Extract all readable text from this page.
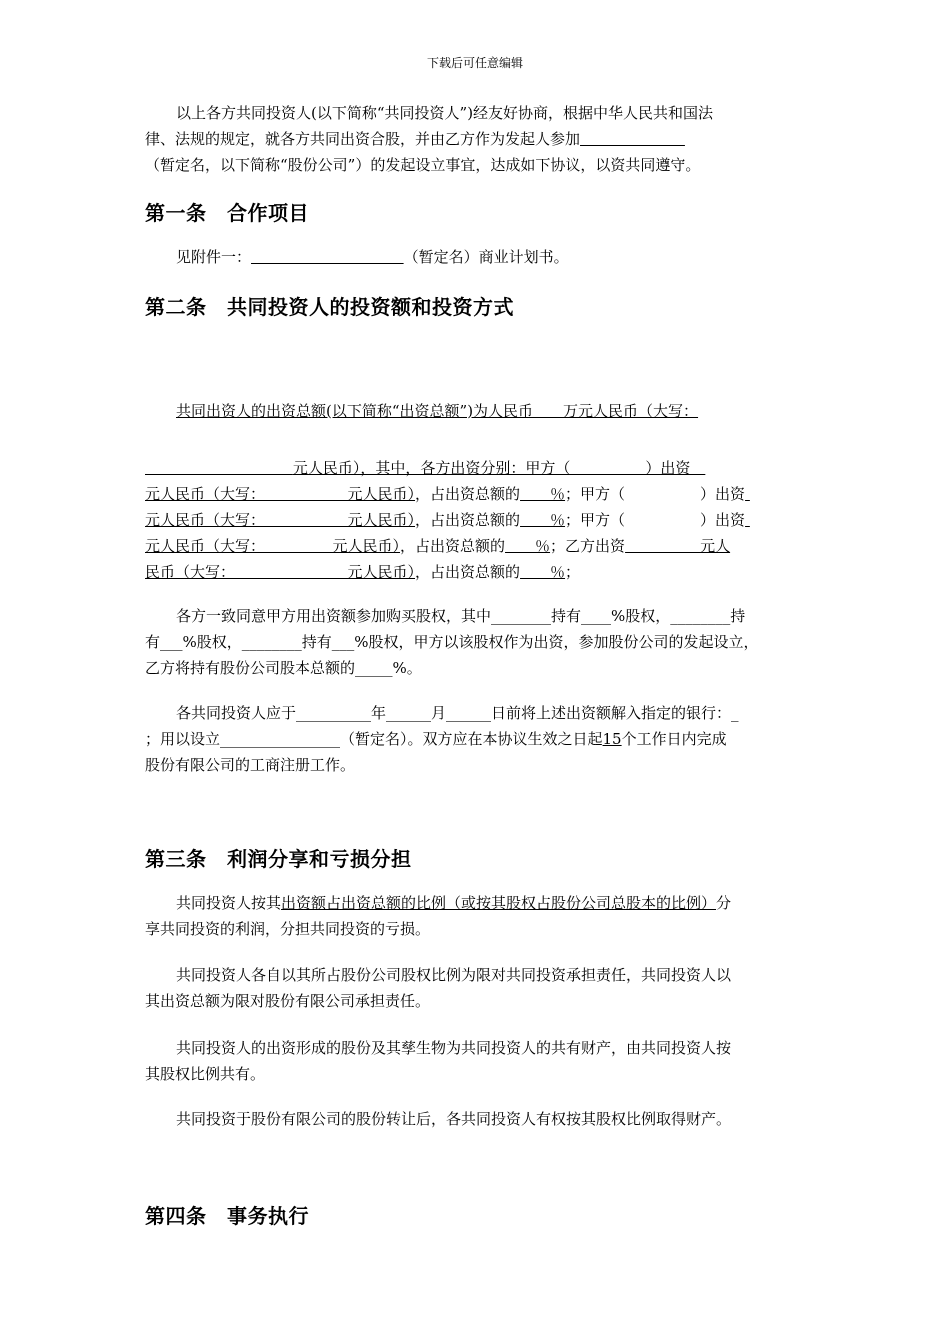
下载后可任意编辑
以上各方共同投资人(以下简称“共同投资人”)经友好协商，根据中华人民共和国法
律、法规的规定，就各方共同出资合股，并由乙方作为发起人参加
（暂定名，以下简称“股份公司”）的发起设立事宜，达成如下协议，以资共同遵守。
第一条　合作项目
见附件一：	（暂定名）商业计划书。
第二条　共同投资人的投资额和投资方式
共同出资人的出资总额(以下简称“出资总额”)为人民币　　万元人民币（大写：
元人民币），其中，各方出资分别：甲方（　　　　　）出资　
元人民币（大写：　　　　　　元人民币），占出资总额的　　％；甲方（　　　　　）出资
元人民币（大写：　　　　　　元人民币），占出资总额的　　％；甲方（　　　　　）出资
元人民币（大写：　　　　　元人民币），占出资总额的　　％；乙方出资　　　　　元人
民币（大写：　　　　　　　　元人民币），占出资总额的　　％；
各方一致同意甲方用出资额参加购买股权，其中________持有____%股权，________持
有___%股权，________持有___%股权，甲方以该股权作为出资，参加股份公司的发起设立，
乙方将持有股份公司股本总额的_____%。
各共同投资人应于__________年______月______日前将上述出资额解入指定的银行：_
；用以设立________________（暂定名）。双方应在本协议生效之日起15个工作日内完成
股份有限公司的工商注册工作。
第三条　利润分享和亏损分担
共同投资人按其出资额占出资总额的比例（或按其股权占股份公司总股本的比例）分
享共同投资的利润，分担共同投资的亏损。
共同投资人各自以其所占股份公司股权比例为限对共同投资承担责任，共同投资人以
其出资总额为限对股份有限公司承担责任。
共同投资人的出资形成的股份及其孳生物为共同投资人的共有财产，由共同投资人按
其股权比例共有。
共同投资于股份有限公司的股份转让后，各共同投资人有权按其股权比例取得财产。
第四条　事务执行
